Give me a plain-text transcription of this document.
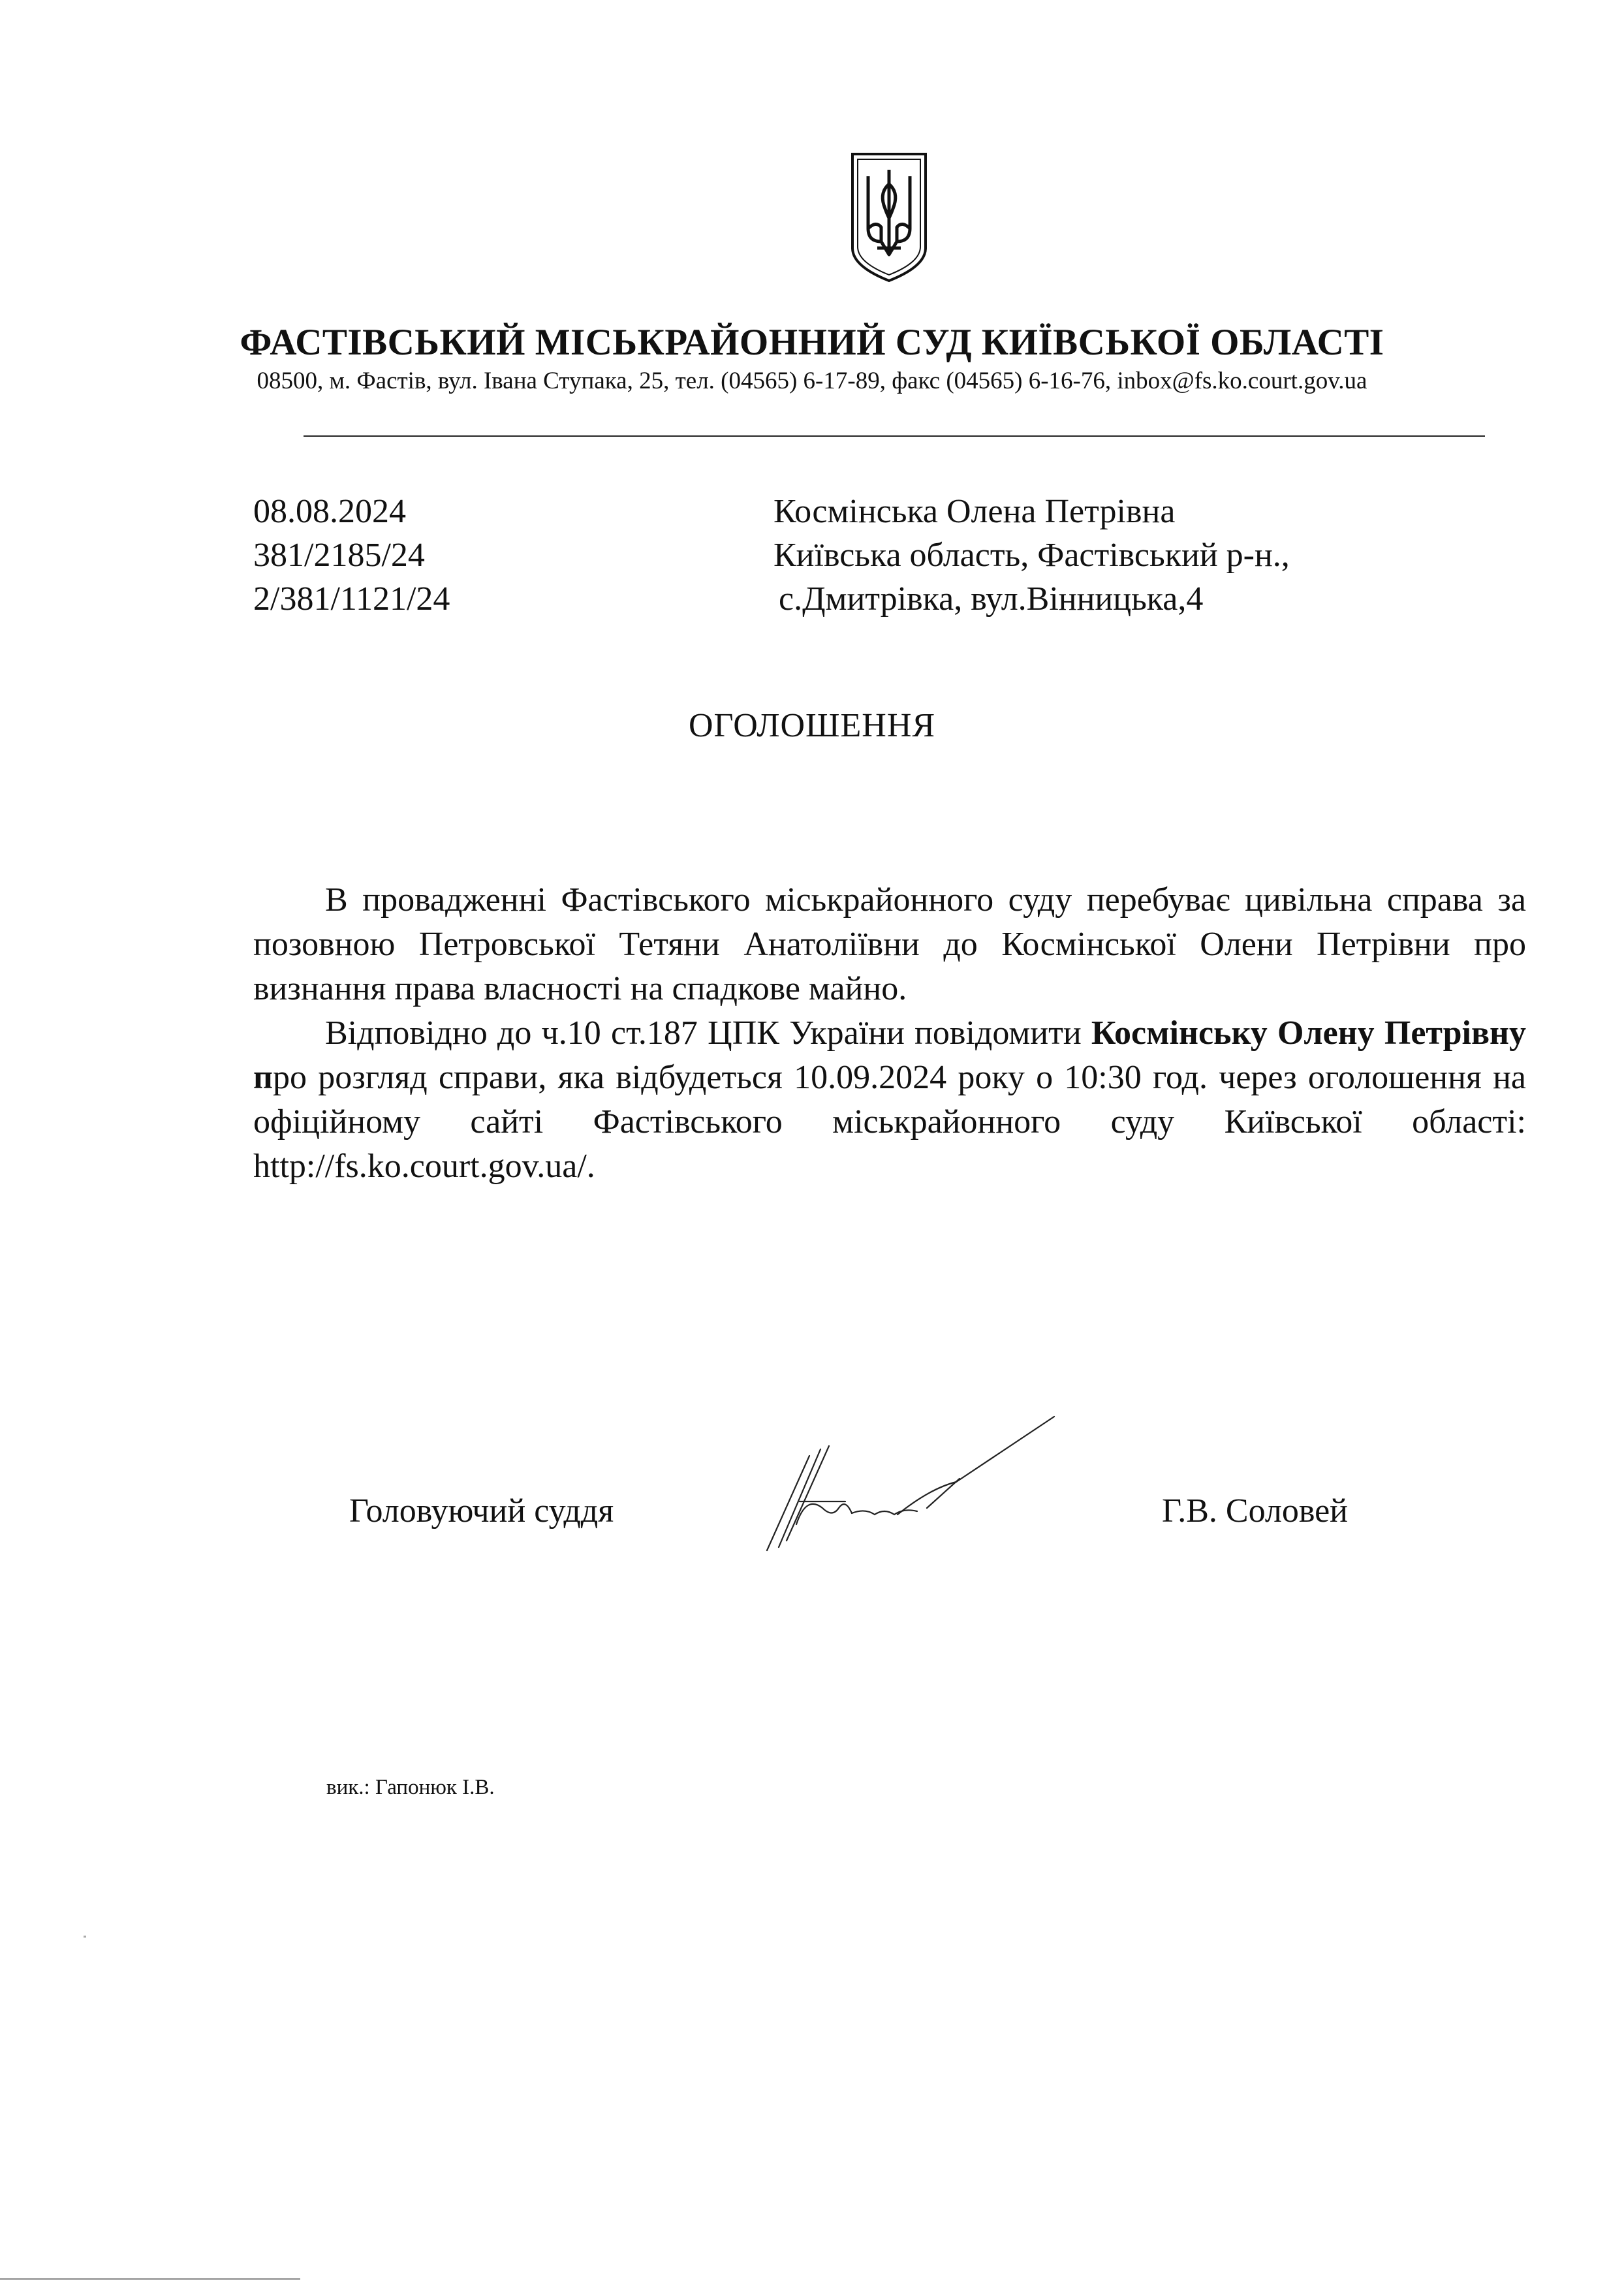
ФАСТІВСЬКИЙ МІСЬКРАЙОННИЙ СУД КИЇВСЬКОЇ ОБЛАСТІ
08500, м. Фастів, вул. Івана Ступака, 25, тел. (04565) 6-17-89, факс (04565) 6-16-76, inbox@fs.ko.court.gov.ua
08.08.2024
381/2185/24
2/381/1121/24
Космінська Олена Петрівна
Київська область, Фастівський р-н.,
с.Дмитрівка, вул.Вінницька,4
ОГОЛОШЕННЯ

В провадженні Фастівського міськрайонного суду перебуває цивільна справа за позовною Петровської Тетяни Анатоліївни до Космінської Олени Петрівни про визнання права власності на спадкове майно.

Відповідно до ч.10 ст.187 ЦПК України повідомити Космінську Олену Петрівну про розгляд справи, яка відбудеться 10.09.2024 року о 10:30 год. через оголошення на офіційному сайті Фастівського міськрайонного суду Київської області: http://fs.ko.court.gov.ua/.

Головуючий суддя	Г.В. Соловей
вик.: Гапонюк І.В.
